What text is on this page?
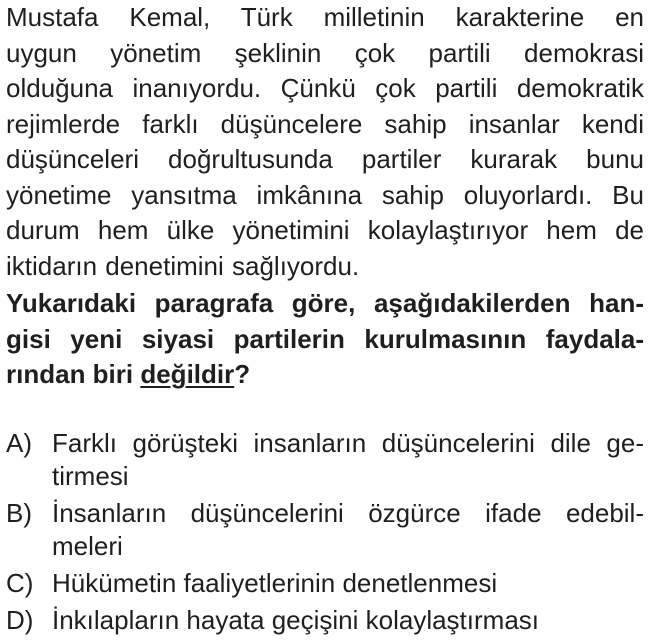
Mustafa Kemal, Türk milletinin karakterine en
uygun yönetim şeklinin çok partili demokrasi
olduğuna inanıyordu. Çünkü çok partili demokratik
rejimlerde farklı düşüncelere sahip insanlar kendi
düşünceleri doğrultusunda partiler kurarak bunu
yönetime yansıtma imkânına sahip oluyorlardı. Bu
durum hem ülke yönetimini kolaylaştırıyor hem de
iktidarın denetimini sağlıyordu.
Yukarıdaki paragrafa göre, aşağıdakilerden han-
gisi yeni siyasi partilerin kurulmasının faydala-
rından biri değildir?
A) Farklı görüşteki insanların düşüncelerini dile ge-
tirmesi
B) İnsanların düşüncelerini özgürce ifade edebil-
meleri
C) Hükümetin faaliyetlerinin denetlenmesi
D) İnkılapların hayata geçişini kolaylaştırması
